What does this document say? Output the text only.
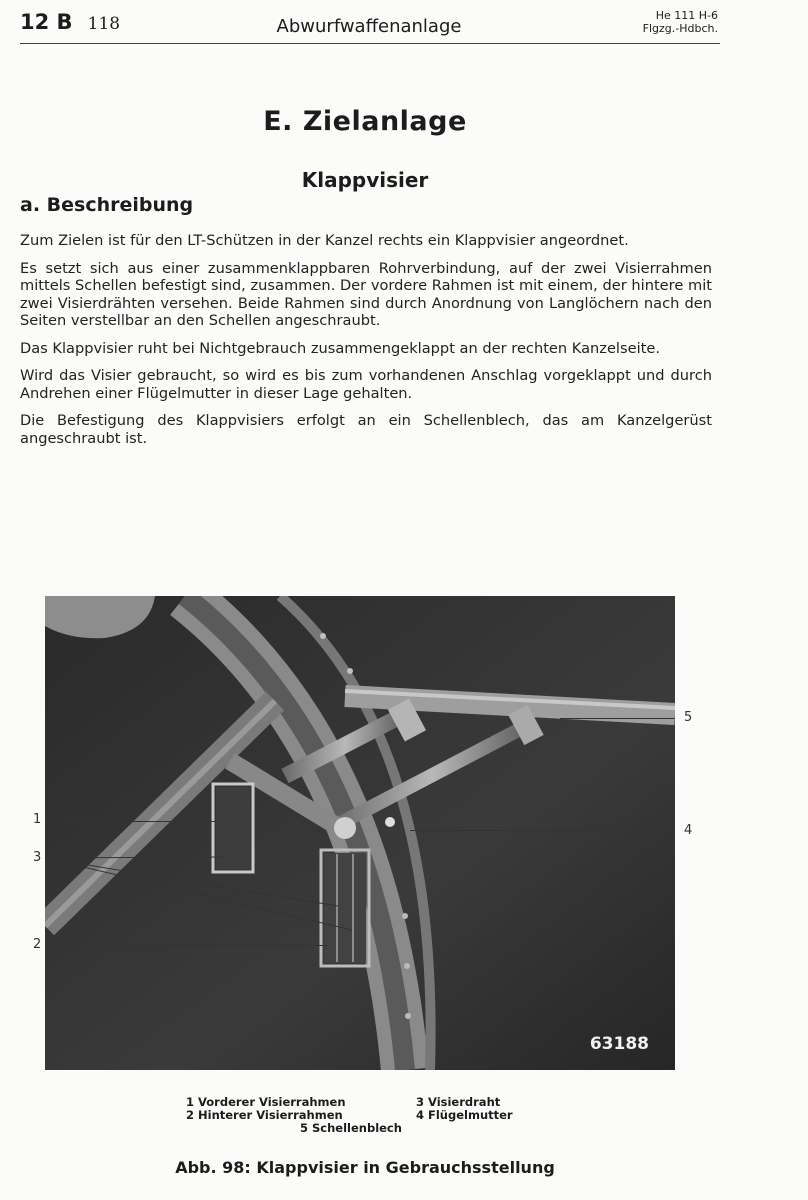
12 B 118	Abwurfwaffenanlage
He 111 H-6
Flgzg.-Hdbch.
E. Zielanlage
Klappvisier
a. Beschreibung

Zum Zielen ist für den LT-Schützen in der Kanzel rechts ein Klappvisier angeordnet.

Es setzt sich aus einer zusammenklappbaren Rohrverbindung, auf der zwei Visierrahmen mittels Schellen befestigt sind, zusammen. Der vordere Rahmen ist mit einem, der hintere mit zwei Visierdrähten versehen. Beide Rahmen sind durch Anordnung von Langlöchern nach den Seiten verstellbar an den Schellen angeschraubt.

Das Klappvisier ruht bei Nichtgebrauch zusammengeklappt an der rechten Kanzelseite.

Wird das Visier gebraucht, so wird es bis zum vorhandenen Anschlag vorgeklappt und durch Andrehen einer Flügelmutter in dieser Lage gehalten.

Die Befestigung des Klappvisiers erfolgt an ein Schellenblech, das am Kanzelgerüst angeschraubt ist.

63188
1
3
2
5
4
1 Vorderer Visierrahmen
2 Hinterer Visierrahmen
3 Visierdraht
4 Flügelmutter
5 Schellenblech
Abb. 98: Klappvisier in Gebrauchsstellung
